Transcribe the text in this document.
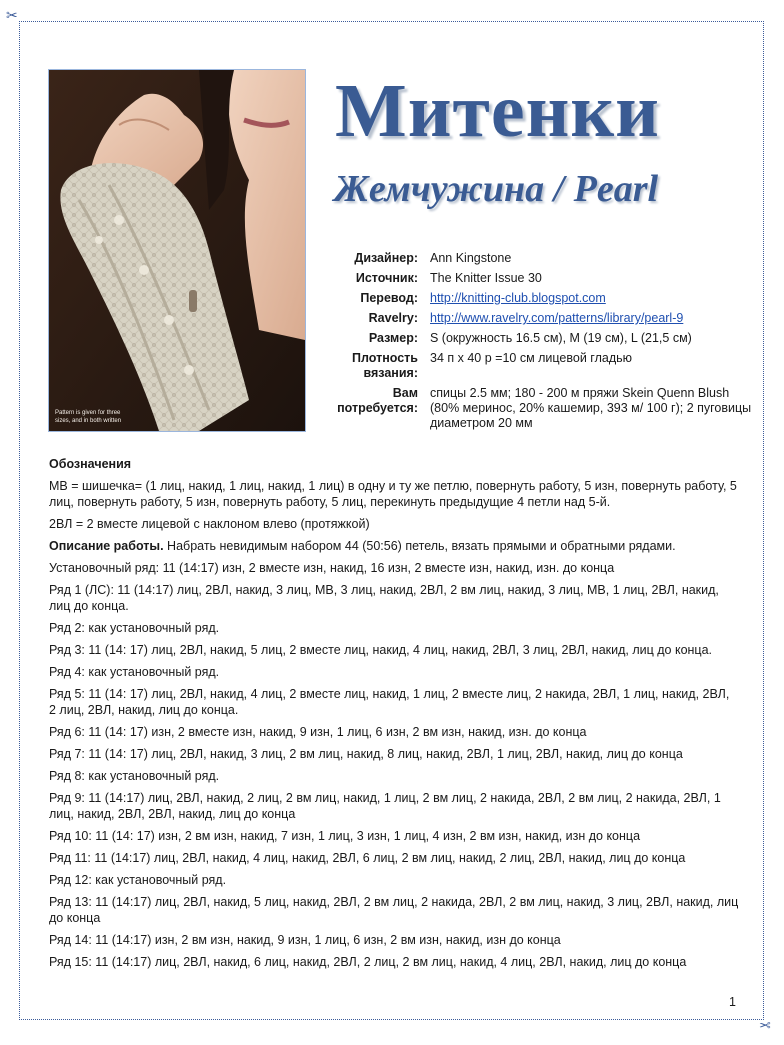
✂
✂
Pattern is given for three sizes, and in both written
Митенки
Жемчужина / Pearl
Дизайнер: Ann Kingstone
Источник: The Knitter Issue 30
Перевод: http://knitting-club.blogspot.com
Ravelry: http://www.ravelry.com/patterns/library/pearl-9
Размер: S (окружность 16.5 см), M (19 см), L (21,5 см)
Плотность вязания:
34 п х 40 р =10 см лицевой гладью
Вам потребуется:
спицы 2.5 мм; 180 - 200 м пряжи Skein Quenn Blush (80% меринос, 20% кашемир, 393 м/ 100 г); 2 пуговицы диаметром 20 мм

Обозначения

МВ = шишечка= (1 лиц, накид, 1 лиц, накид, 1 лиц) в одну и ту же петлю, повернуть работу, 5 изн, повернуть работу, 5 лиц, повернуть работу, 5 изн, повернуть работу, 5 лиц, перекинуть предыдущие 4 петли над 5-й.

2ВЛ = 2 вместе лицевой с наклоном влево (протяжкой)

Описание работы. Набрать невидимым набором 44 (50:56) петель, вязать прямыми и обратными рядами.

Установочный ряд: 11 (14:17) изн, 2 вместе изн, накид, 16 изн, 2 вместе изн, накид, изн. до конца

Ряд 1 (ЛС): 11 (14:17) лиц, 2ВЛ, накид, 3 лиц, МВ, 3 лиц, накид, 2ВЛ, 2 вм лиц, накид, 3 лиц, МВ, 1 лиц, 2ВЛ, накид, лиц до конца.

Ряд 2: как установочный ряд.

Ряд 3: 11 (14: 17) лиц, 2ВЛ, накид, 5 лиц, 2 вместе лиц, накид, 4 лиц, накид, 2ВЛ, 3 лиц, 2ВЛ, накид, лиц до конца.

Ряд 4: как установочный ряд.

Ряд 5: 11 (14: 17) лиц, 2ВЛ, накид, 4 лиц, 2 вместе лиц, накид, 1 лиц, 2 вместе лиц, 2 накида, 2ВЛ, 1 лиц, накид, 2ВЛ, 2 лиц, 2ВЛ, накид, лиц до конца.

Ряд 6: 11 (14: 17) изн, 2 вместе изн, накид, 9 изн, 1 лиц, 6 изн, 2 вм изн, накид, изн. до конца

Ряд 7: 11 (14: 17) лиц, 2ВЛ, накид, 3 лиц, 2 вм лиц, накид, 8 лиц, накид, 2ВЛ, 1 лиц, 2ВЛ, накид, лиц до конца

Ряд 8: как установочный ряд.

Ряд 9: 11 (14:17) лиц, 2ВЛ, накид, 2 лиц, 2 вм лиц, накид, 1 лиц, 2 вм лиц, 2 накида, 2ВЛ, 2 вм лиц, 2 накида, 2ВЛ, 1 лиц, накид, 2ВЛ, 2ВЛ, накид, лиц до конца

Ряд 10: 11 (14: 17) изн, 2 вм изн, накид, 7 изн, 1 лиц, 3 изн, 1 лиц, 4 изн, 2 вм изн, накид, изн до конца

Ряд 11: 11 (14:17) лиц, 2ВЛ, накид, 4 лиц, накид, 2ВЛ, 6 лиц, 2 вм лиц, накид, 2 лиц, 2ВЛ, накид, лиц до конца

Ряд 12: как установочный ряд.

Ряд 13: 11 (14:17) лиц, 2ВЛ, накид, 5 лиц, накид, 2ВЛ, 2 вм лиц, 2 накида, 2ВЛ, 2 вм лиц, накид, 3 лиц, 2ВЛ, накид, лиц до конца

Ряд 14: 11 (14:17) изн, 2 вм изн, накид, 9 изн, 1 лиц, 6 изн, 2 вм изн, накид, изн до конца

Ряд 15: 11 (14:17) лиц, 2ВЛ, накид, 6 лиц, накид, 2ВЛ, 2 лиц, 2 вм лиц, накид, 4 лиц, 2ВЛ, накид, лиц до конца

1
